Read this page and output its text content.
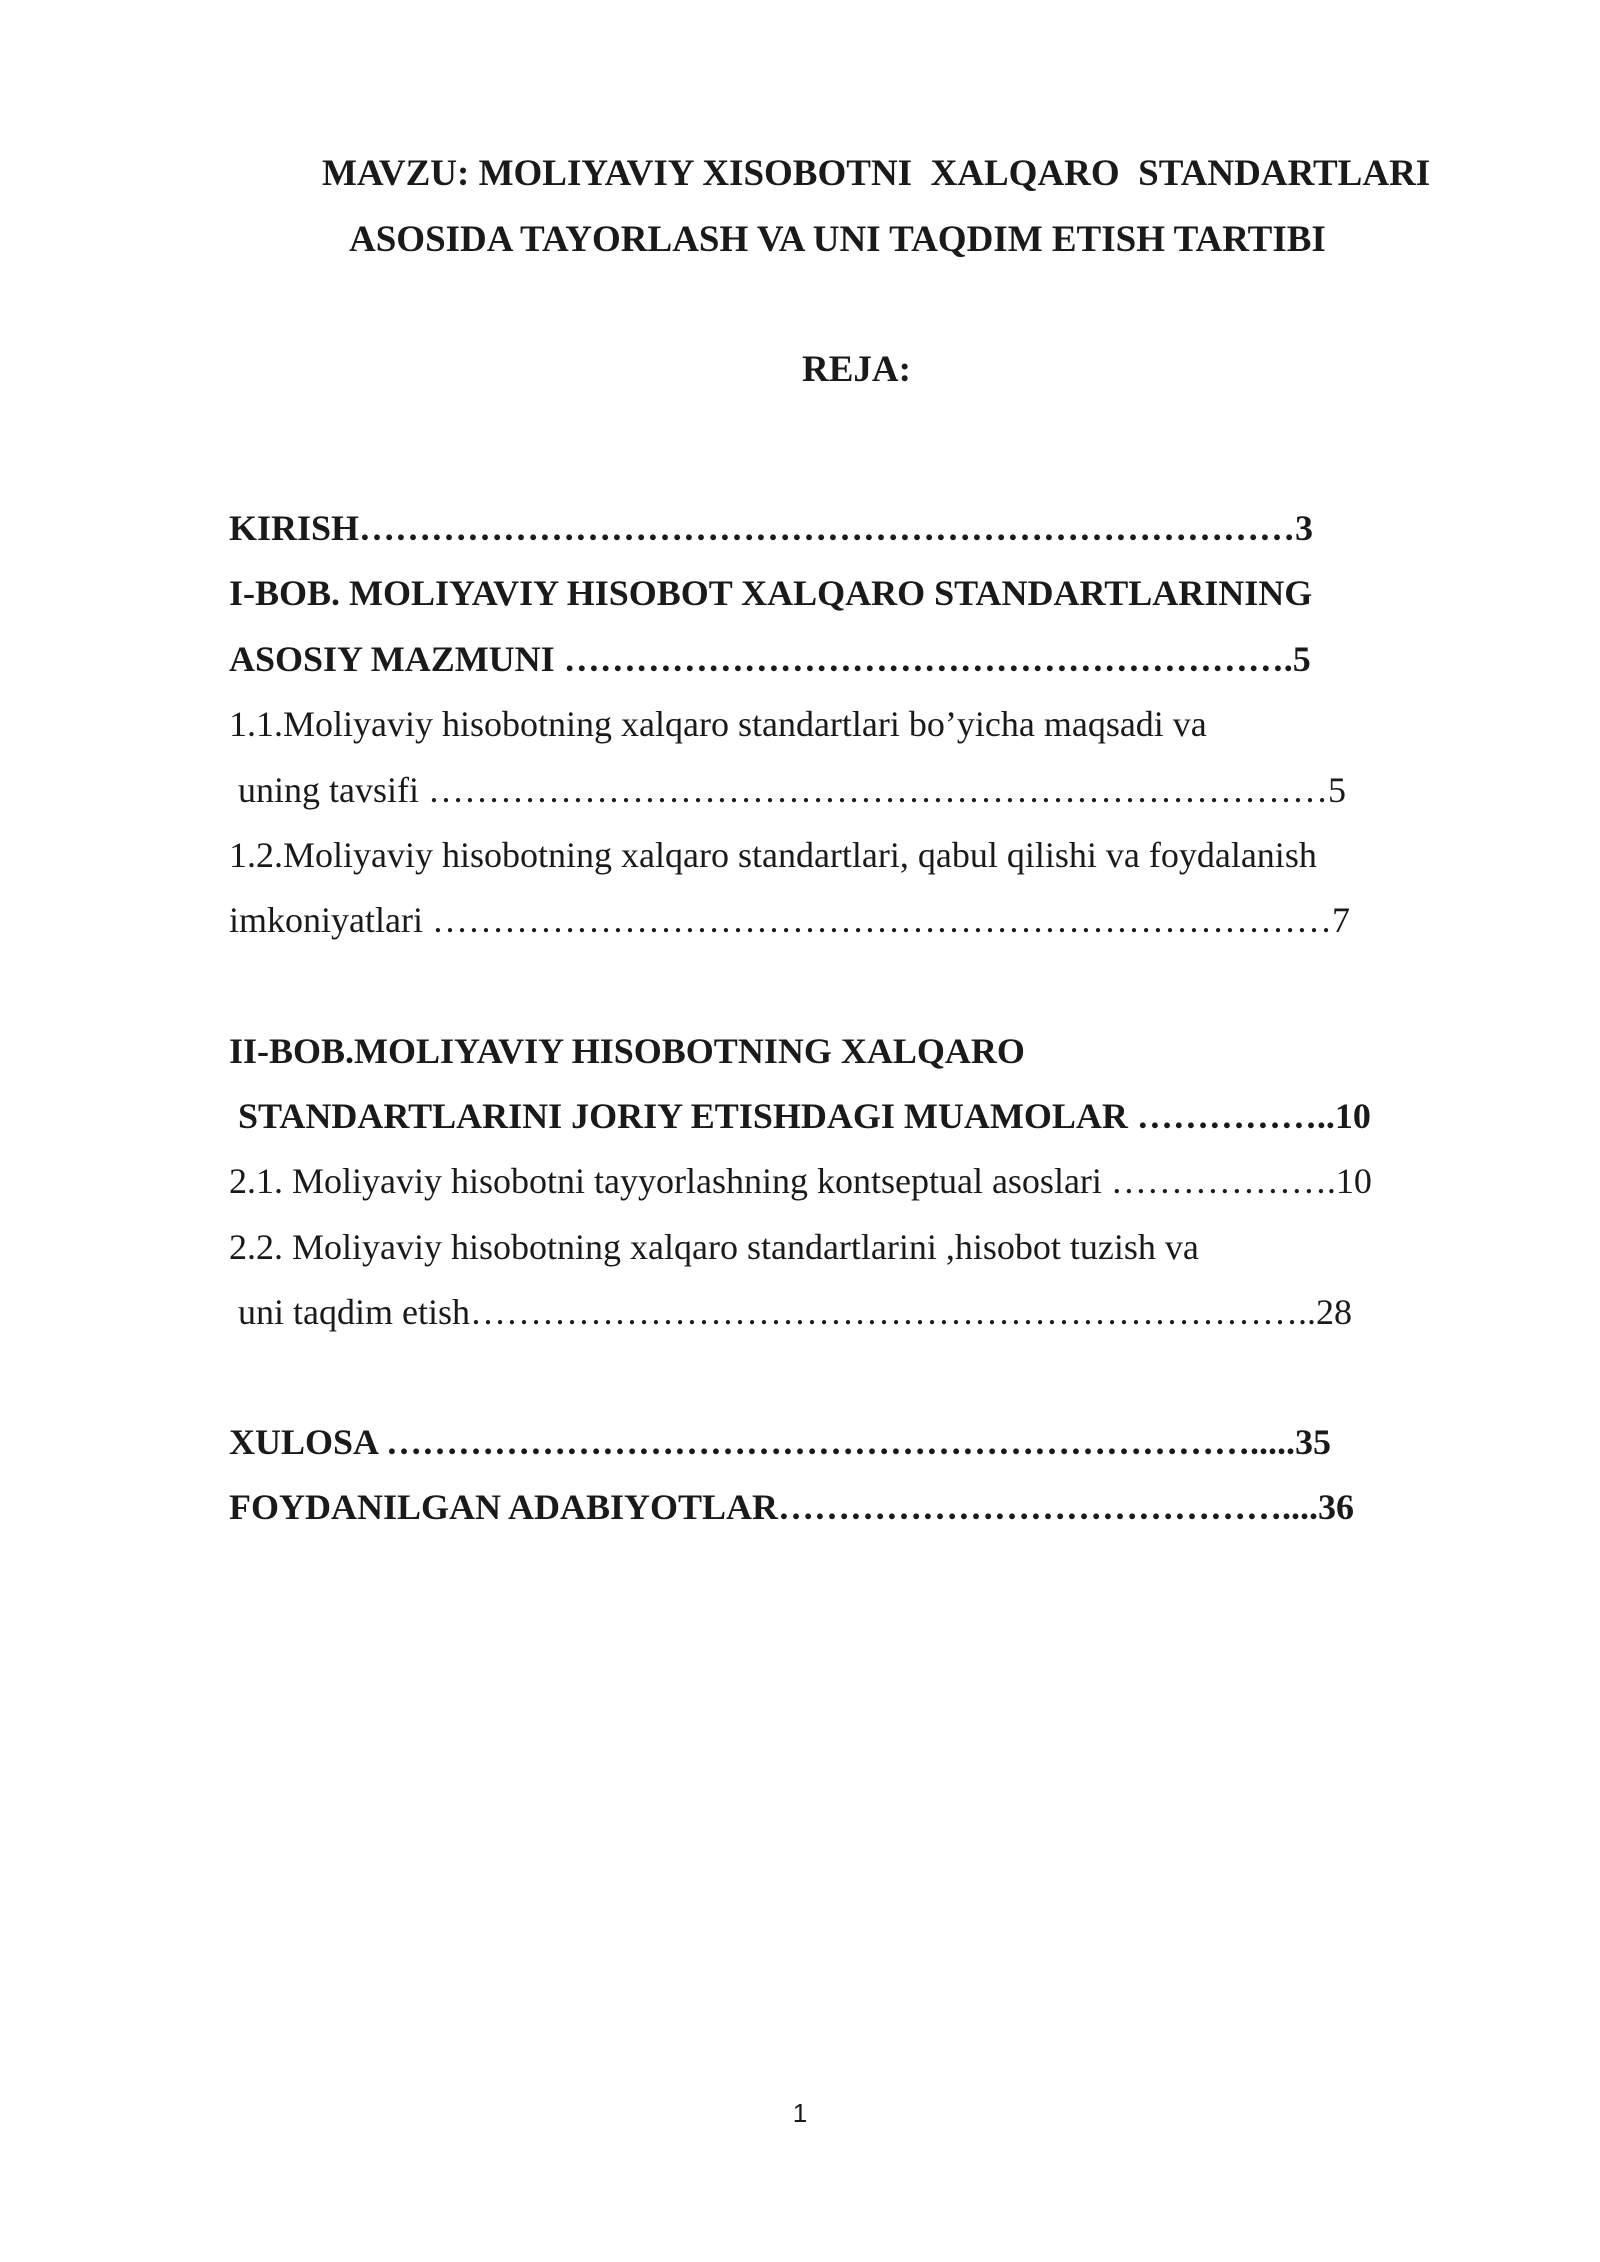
MAVZU: MOLIYAVIY XISOBOTNI  XALQARO  STANDARTLARI
ASOSIDA TAYORLASH VA UNI TAQDIM ETISH TARTIBI
REJA:
KIRISH……………………………………………………………………3
I-BOB. MOLIYAVIY HISOBOT XALQARO STANDARTLARINING
ASOSIY MAZMUNI …………………………………………………….5
1.1.Moliyaviy hisobotning xalqaro standartlari bo’yicha maqsadi va
uning tavsifi …………………………………………………………………5
1.2.Moliyaviy hisobotning xalqaro standartlari, qabul qilishi va foydalanish
imkoniyatlari …………………………………………………………………7
II-BOB.MOLIYAVIY HISOBOTNING XALQARO
STANDARTLARINI JORIY ETISHDAGI MUAMOLAR ……………..10
2.1. Moliyaviy hisobotni tayyorlashning kontseptual asoslari ……………….10
2.2. Moliyaviy hisobotning xalqaro standartlarini ,hisobot tuzish va
uni taqdim etish……………………………………………………………..28
XULOSA ……………………………………………………………….....35
FOYDANILGAN ADABIYOTLAR……………………………………....36
1
